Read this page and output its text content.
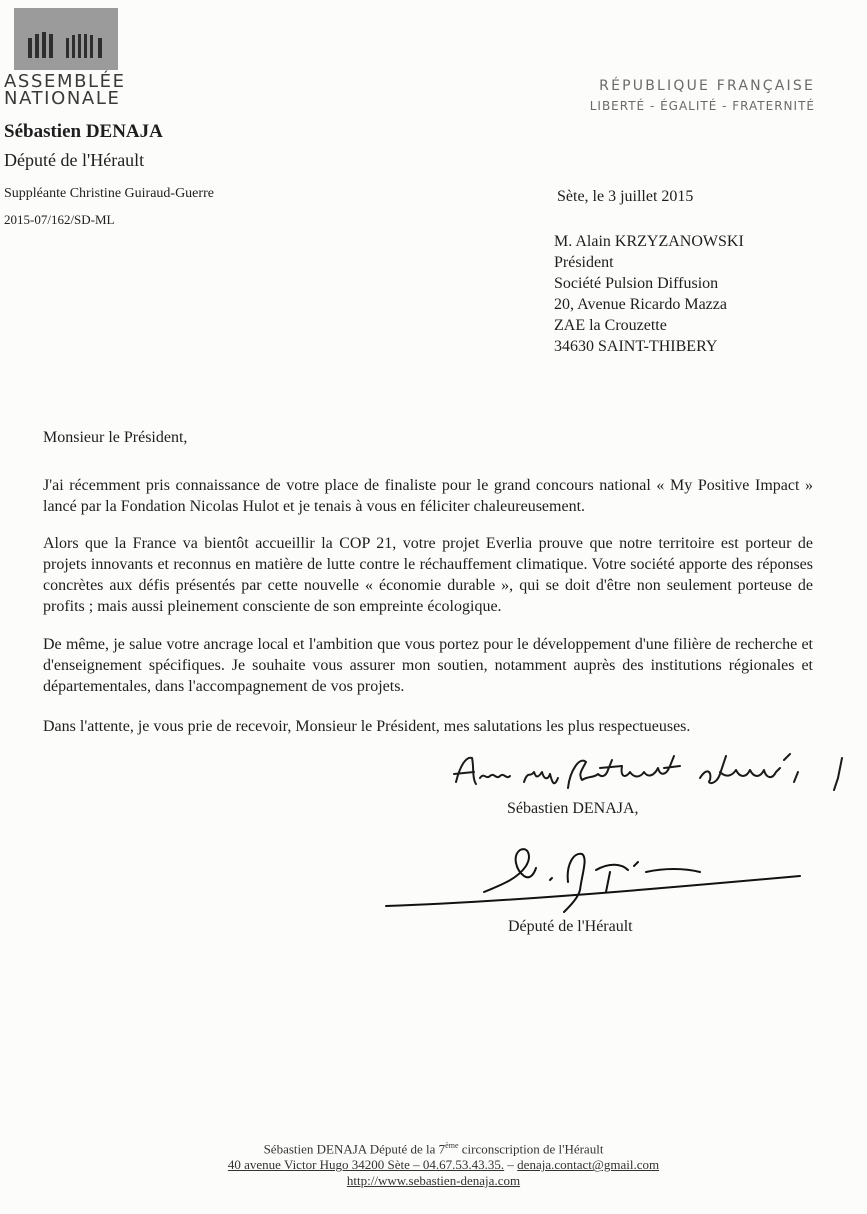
ASSEMBLÉE
NATIONALE
RÉPUBLIQUE FRANÇAISE
LIBERTÉ - ÉGALITÉ - FRATERNITÉ
Sébastien DENAJA
Député de l'Hérault
Suppléante Christine Guiraud-Guerre
2015-07/162/SD-ML
Sète, le 3 juillet 2015
M. Alain KRZYZANOWSKI
Président
Société Pulsion Diffusion
20, Avenue Ricardo Mazza
ZAE la Crouzette
34630 SAINT-THIBERY
Monsieur le Président,
J'ai récemment pris connaissance de votre place de finaliste pour le grand concours national « My Positive Impact » lancé par la Fondation Nicolas Hulot et je tenais à vous en féliciter chaleureusement.
Alors que la France va bientôt accueillir la COP 21, votre projet Everlia prouve que notre territoire est porteur de projets innovants et reconnus en matière de lutte contre le réchauffement climatique. Votre société apporte des réponses concrètes aux défis présentés par cette nouvelle « économie durable », qui se doit d'être non seulement porteuse de profits ; mais aussi pleinement consciente de son empreinte écologique.
De même, je salue votre ancrage local et l'ambition que vous portez pour le développement d'une filière de recherche et d'enseignement spécifiques. Je souhaite vous assurer mon soutien, notamment auprès des institutions régionales et départementales, dans l'accompagnement de vos projets.
Dans l'attente, je vous prie de recevoir, Monsieur le Président, mes salutations les plus respectueuses.
Sébastien DENAJA,
Député de l'Hérault
Sébastien DENAJA Député de la 7ème circonscription de l'Hérault
40 avenue Victor Hugo 34200 Sète – 04.67.53.43.35. – denaja.contact@gmail.com
http://www.sebastien-denaja.com
